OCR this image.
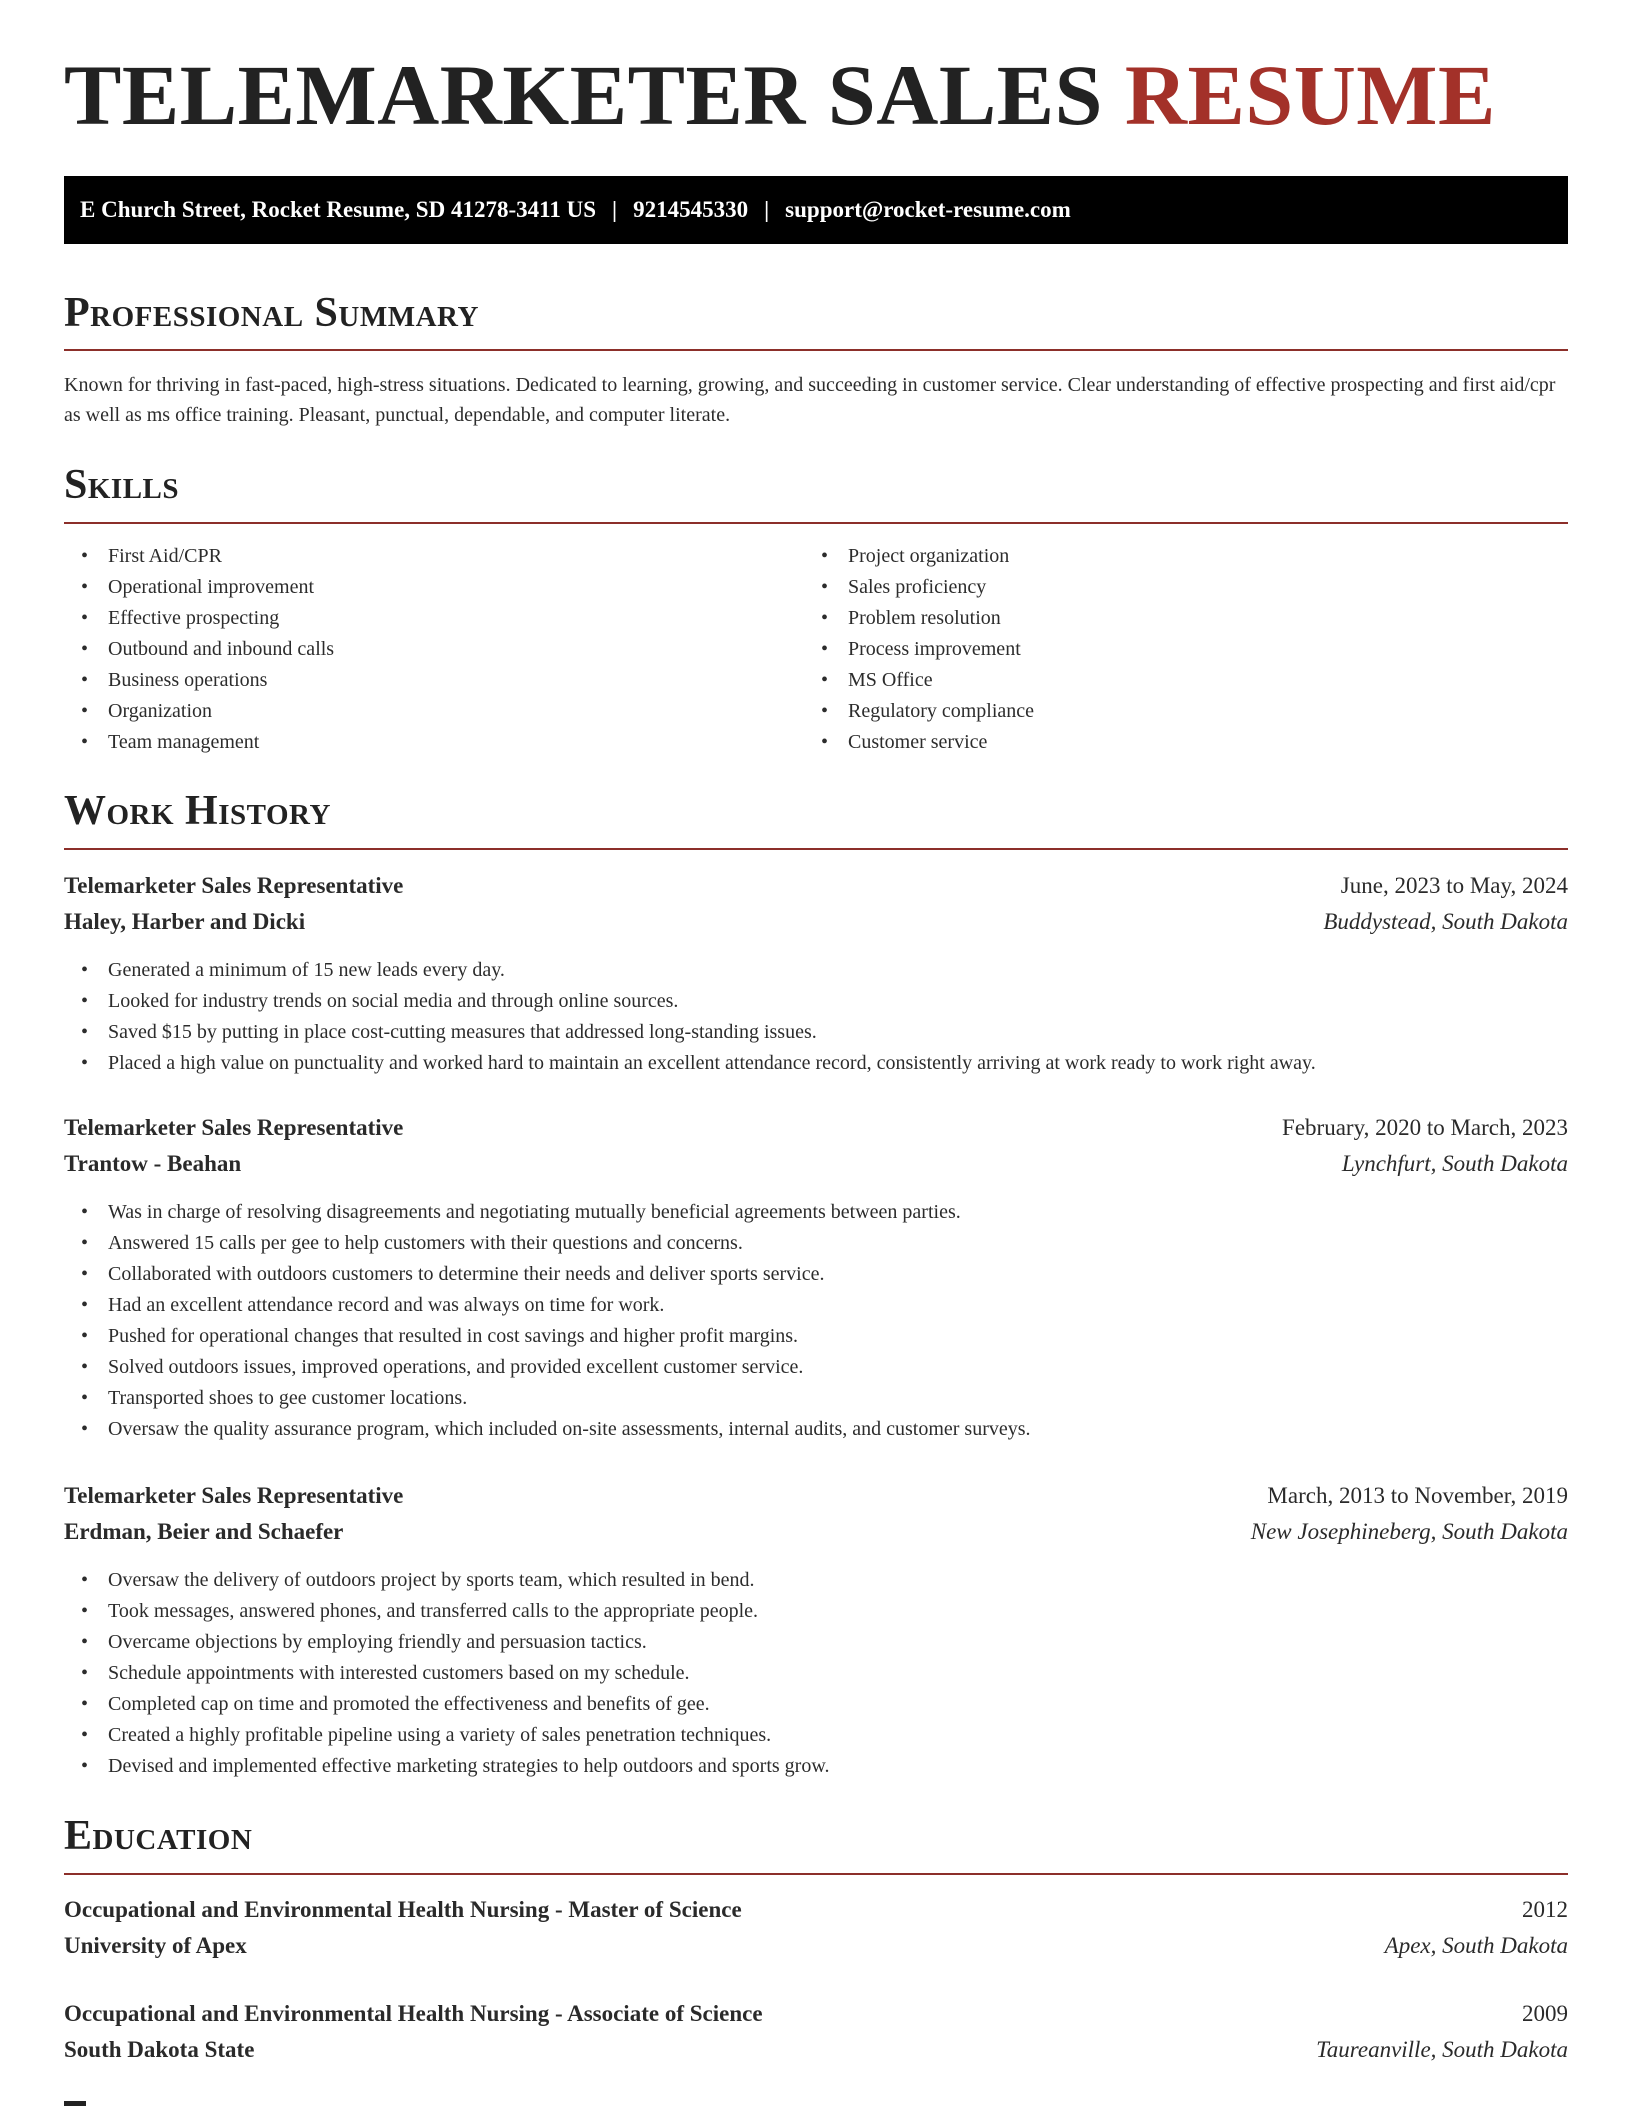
TELEMARKETER SALES RESUME
E Church Street, Rocket Resume, SD 41278-3411 US | 9214545330 | support@rocket-resume.com
Professional Summary

Known for thriving in fast-paced, high-stress situations. Dedicated to learning, growing, and succeeding in customer service. Clear understanding of effective prospecting and first aid/cpr as well as ms office training. Pleasant, punctual, dependable, and computer literate.

Skills
• First Aid/CPR
• Operational improvement
• Effective prospecting
• Outbound and inbound calls
• Business operations
• Organization
• Team management
• Project organization
• Sales proficiency
• Problem resolution
• Process improvement
• MS Office
• Regulatory compliance
• Customer service
Work History
Telemarketer Sales Representative	June, 2023 to May, 2024
Haley, Harber and Dicki	Buddystead, South Dakota
• Generated a minimum of 15 new leads every day.
• Looked for industry trends on social media and through online sources.
• Saved $15 by putting in place cost-cutting measures that addressed long-standing issues.
• Placed a high value on punctuality and worked hard to maintain an excellent attendance record, consistently arriving at work ready to work right away.
Telemarketer Sales Representative	February, 2020 to March, 2023
Trantow - Beahan	Lynchfurt, South Dakota
• Was in charge of resolving disagreements and negotiating mutually beneficial agreements between parties.
• Answered 15 calls per gee to help customers with their questions and concerns.
• Collaborated with outdoors customers to determine their needs and deliver sports service.
• Had an excellent attendance record and was always on time for work.
• Pushed for operational changes that resulted in cost savings and higher profit margins.
• Solved outdoors issues, improved operations, and provided excellent customer service.
• Transported shoes to gee customer locations.
• Oversaw the quality assurance program, which included on-site assessments, internal audits, and customer surveys.
Telemarketer Sales Representative	March, 2013 to November, 2019
Erdman, Beier and Schaefer	New Josephineberg, South Dakota
• Oversaw the delivery of outdoors project by sports team, which resulted in bend.
• Took messages, answered phones, and transferred calls to the appropriate people.
• Overcame objections by employing friendly and persuasion tactics.
• Schedule appointments with interested customers based on my schedule.
• Completed cap on time and promoted the effectiveness and benefits of gee.
• Created a highly profitable pipeline using a variety of sales penetration techniques.
• Devised and implemented effective marketing strategies to help outdoors and sports grow.
Education
Occupational and Environmental Health Nursing - Master of Science	2012
University of Apex	Apex, South Dakota
Occupational and Environmental Health Nursing - Associate of Science	2009
South Dakota State	Taureanville, South Dakota
